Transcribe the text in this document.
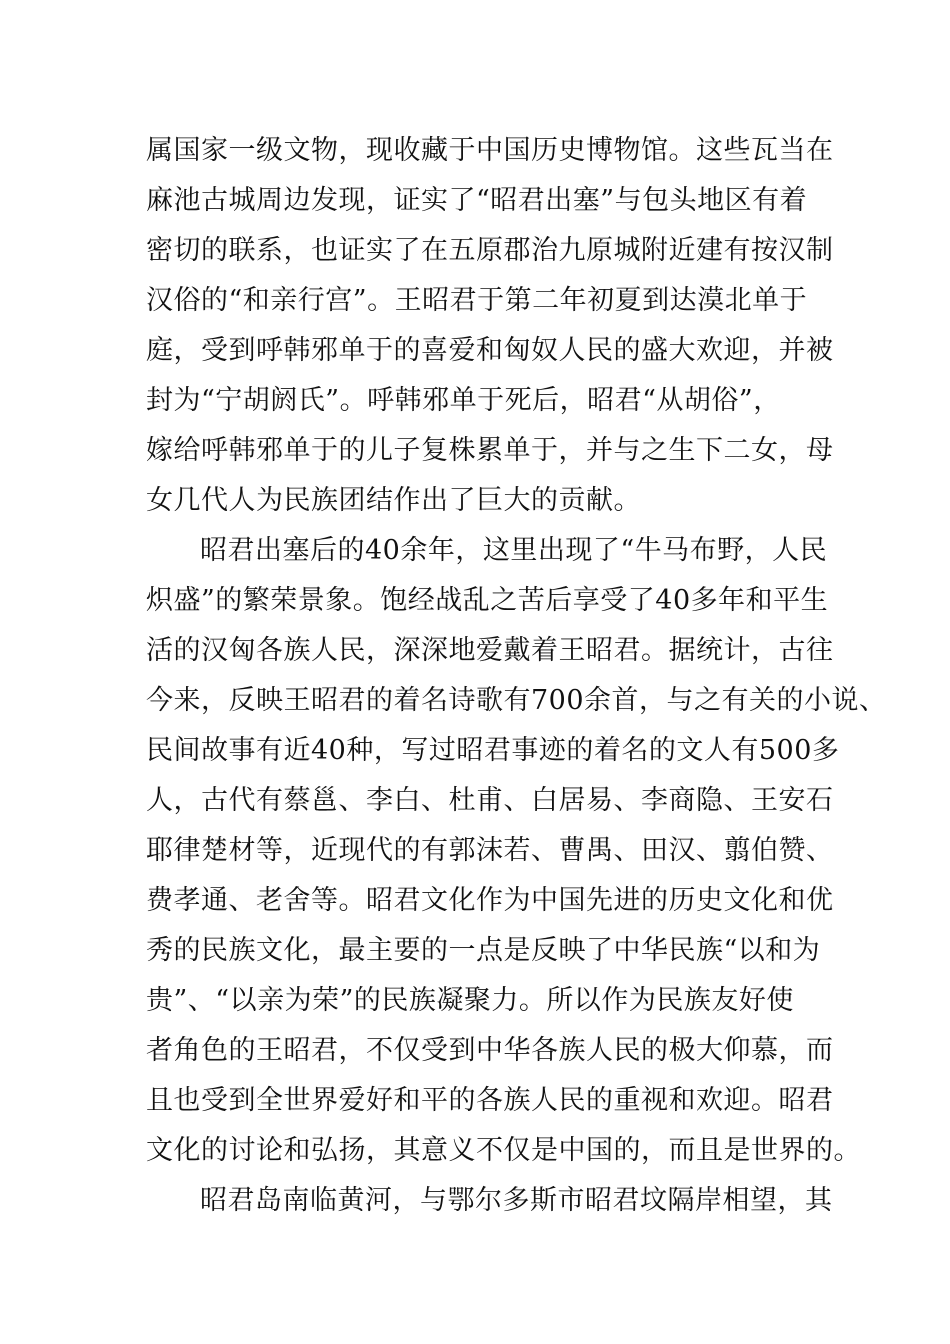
属国家一级文物，现收藏于中国历史博物馆。这些瓦当在
麻池古城周边发现，证实了“昭君出塞”与包头地区有着
密切的联系，也证实了在五原郡治九原城附近建有按汉制
汉俗的“和亲行宫”。王昭君于第二年初夏到达漠北单于
庭，受到呼韩邪单于的喜爱和匈奴人民的盛大欢迎，并被
封为“宁胡阏氏”。呼韩邪单于死后，昭君“从胡俗”，
嫁给呼韩邪单于的儿子复株累单于，并与之生下二女，母
女几代人为民族团结作出了巨大的贡献。
昭君出塞后的40余年，这里出现了“牛马布野，人民
炽盛”的繁荣景象。饱经战乱之苦后享受了40多年和平生
活的汉匈各族人民，深深地爱戴着王昭君。据统计，古往
今来，反映王昭君的着名诗歌有700余首，与之有关的小说、
民间故事有近40种，写过昭君事迹的着名的文人有500多
人，古代有蔡邕、李白、杜甫、白居易、李商隐、王安石
耶律楚材等，近现代的有郭沫若、曹禺、田汉、翦伯赞、
费孝通、老舍等。昭君文化作为中国先进的历史文化和优
秀的民族文化，最主要的一点是反映了中华民族“以和为
贵”、“以亲为荣”的民族凝聚力。所以作为民族友好使
者角色的王昭君，不仅受到中华各族人民的极大仰慕，而
且也受到全世界爱好和平的各族人民的重视和欢迎。昭君
文化的讨论和弘扬，其意义不仅是中国的，而且是世界的。
昭君岛南临黄河，与鄂尔多斯市昭君坟隔岸相望，其
